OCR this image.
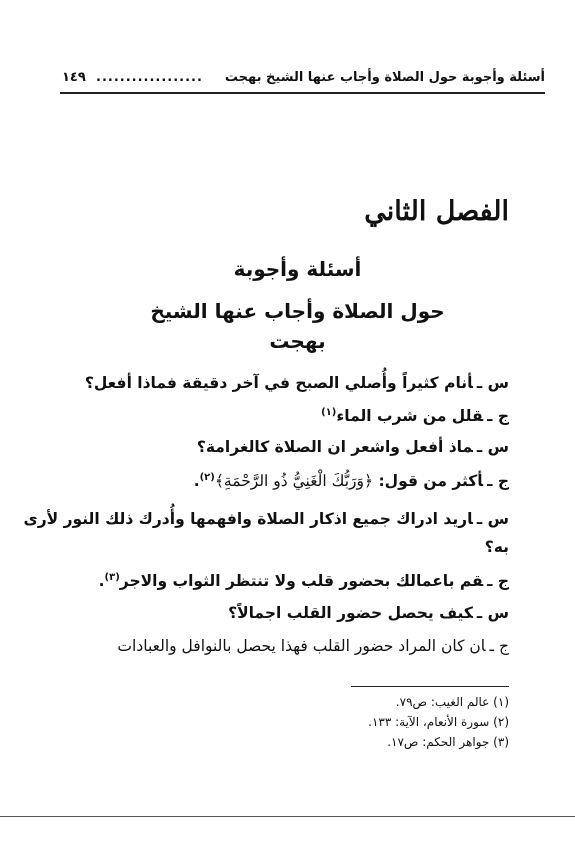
أسئلة وأجوبة حول الصلاة وأجاب عنها الشيخ بهجت
..................
١٤٩
الفصل الثاني
أسئلة وأجوبة
حول الصلاة وأجاب عنها الشيخ بهجت
س ـأنام كثيراً وأُصلي الصبح في آخر دقيقة فماذا أفعل؟
ج ـقلل من شرب الماء$^{(١)}$
س ـماذ أفعل واشعر ان الصلاة كالغرامة؟
ج ـأكثر من قول: ﴿وَرَبُّكَ الْغَنِيُّ ذُو الرَّحْمَةِ﴾$^{(٢)}$.
س ـاريد ادراك جميع اذكار الصلاة وافهمها وأُدرك ذلك النور لأرى
به؟
ج ـقم باعمالك بحضور قلب ولا تنتظر الثواب والاجر$^{(٣)}$.
س ـكيف يحصل حضور القلب اجمالاً؟
ج ـان كان المراد حضور القلب فهذا يحصل بالنوافل والعبادات
(١) عالم الغيب: ص٧٩.
(٢) سورة الأنعام، الآية: ١٣٣.
(٣) جواهر الحكم: ص١٧.
